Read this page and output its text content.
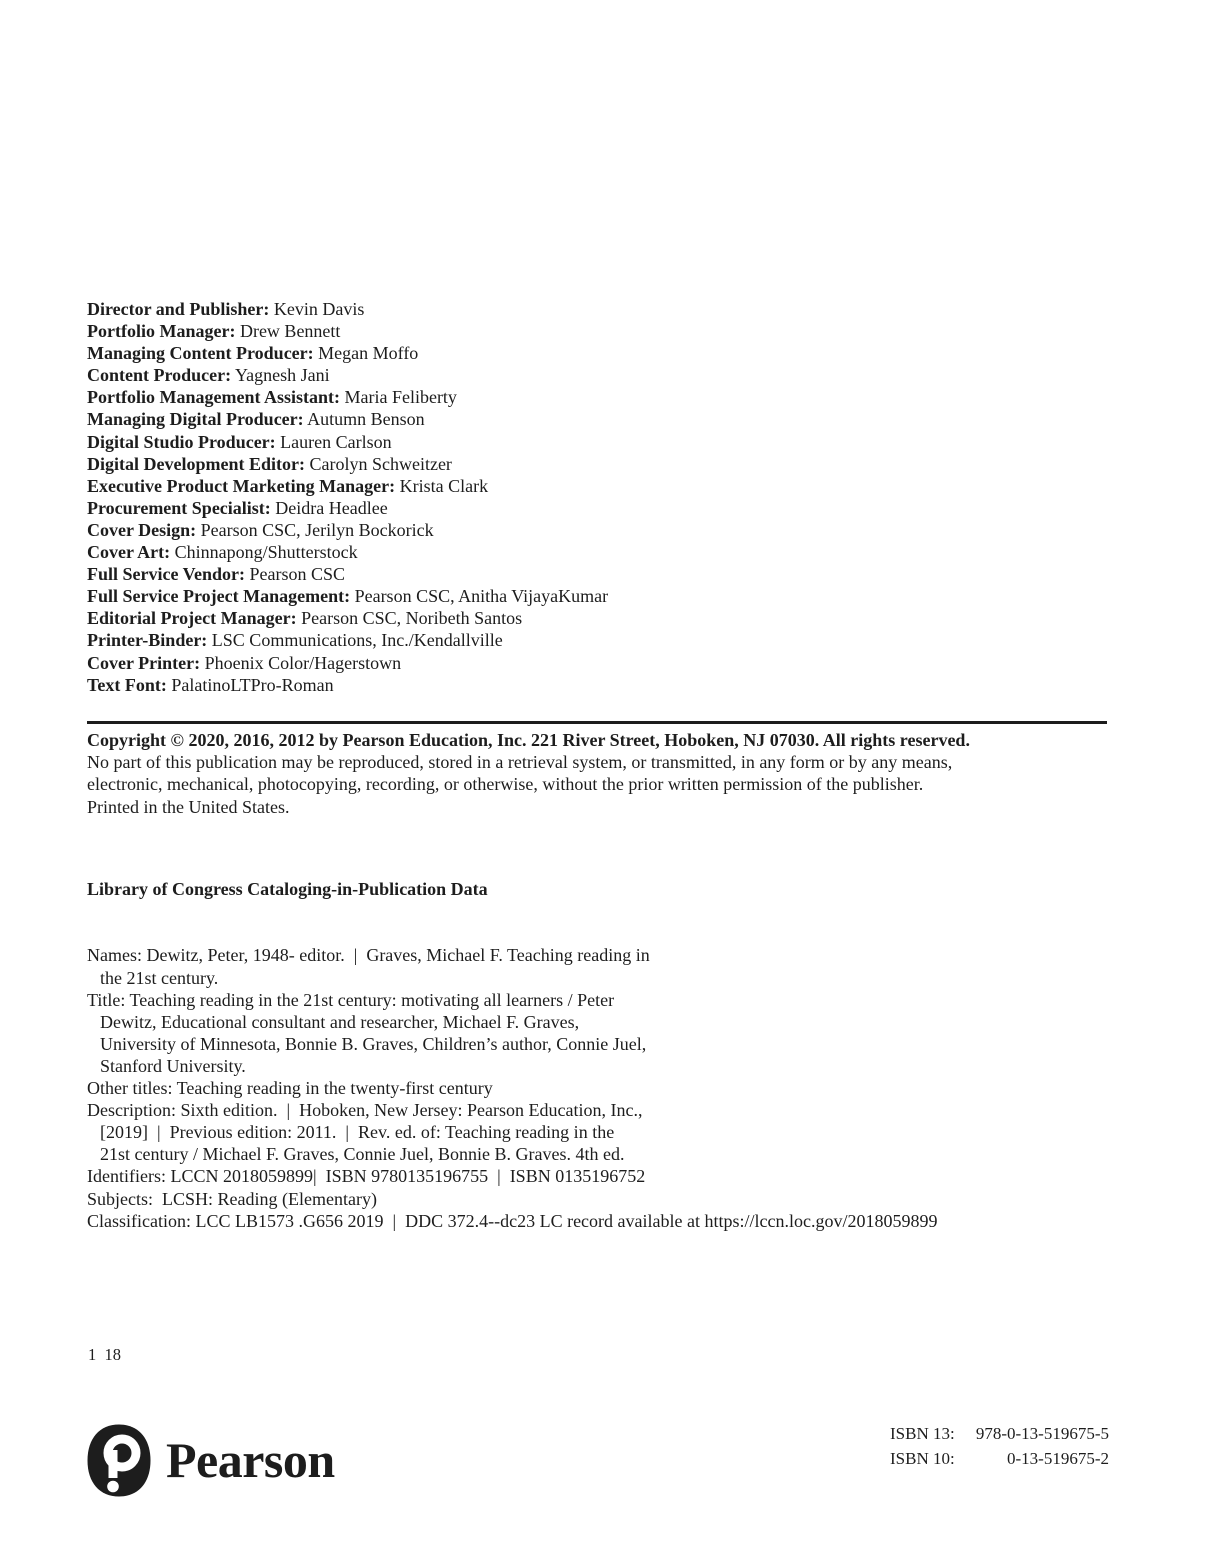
Director and Publisher: Kevin Davis
Portfolio Manager: Drew Bennett
Managing Content Producer: Megan Moffo
Content Producer: Yagnesh Jani
Portfolio Management Assistant: Maria Feliberty
Managing Digital Producer: Autumn Benson
Digital Studio Producer: Lauren Carlson
Digital Development Editor: Carolyn Schweitzer
Executive Product Marketing Manager: Krista Clark
Procurement Specialist: Deidra Headlee
Cover Design: Pearson CSC, Jerilyn Bockorick
Cover Art: Chinnapong/Shutterstock
Full Service Vendor: Pearson CSC
Full Service Project Management: Pearson CSC, Anitha VijayaKumar
Editorial Project Manager: Pearson CSC, Noribeth Santos
Printer-Binder: LSC Communications, Inc./Kendallville
Cover Printer: Phoenix Color/Hagerstown
Text Font: PalatinoLTPro-Roman
Copyright © 2020, 2016, 2012 by Pearson Education, Inc. 221 River Street, Hoboken, NJ 07030. All rights reserved.
No part of this publication may be reproduced, stored in a retrieval system, or transmitted, in any form or by any means,
electronic, mechanical, photocopying, recording, or otherwise, without the prior written permission of the publisher.
Printed in the United States.

Library of Congress Cataloging-in-Publication Data

Names: Dewitz, Peter, 1948- editor.  |  Graves, Michael F. Teaching reading in
the 21st century.
Title: Teaching reading in the 21st century: motivating all learners / Peter
Dewitz, Educational consultant and researcher, Michael F. Graves,
University of Minnesota, Bonnie B. Graves, Children’s author, Connie Juel,
Stanford University.
Other titles: Teaching reading in the twenty-first century
Description: Sixth edition.  |  Hoboken, New Jersey: Pearson Education, Inc.,
[2019]  |  Previous edition: 2011.  |  Rev. ed. of: Teaching reading in the
21st century / Michael F. Graves, Connie Juel, Bonnie B. Graves. 4th ed.
Identifiers: LCCN 2018059899|  ISBN 9780135196755  |  ISBN 0135196752
Subjects:  LCSH: Reading (Elementary)
Classification: LCC LB1573 .G656 2019  |  DDC 372.4--dc23 LC record available at https://lccn.loc.gov/2018059899

1  18
Pearson	ISBN 13: 978-0-13-519675-5
ISBN 10:	0-13-519675-2
